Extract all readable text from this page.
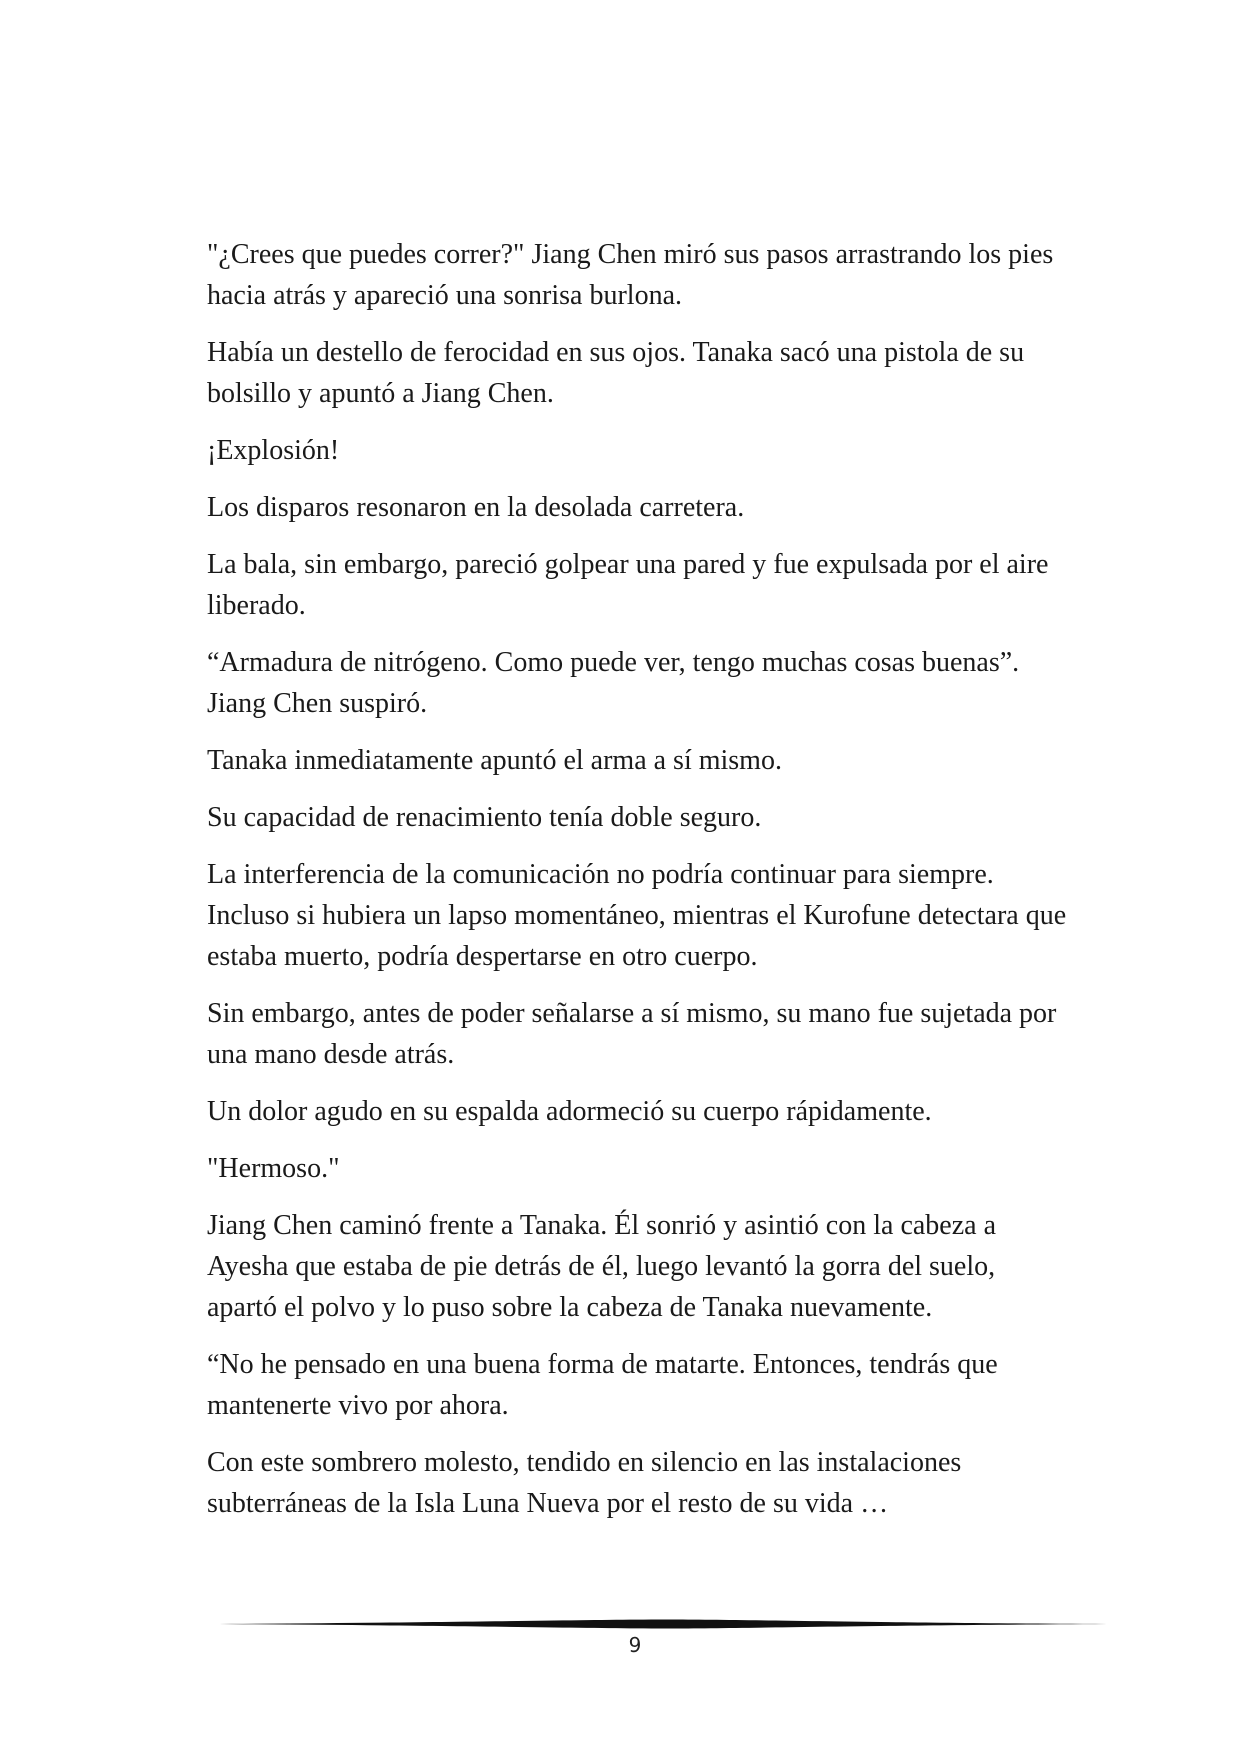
"¿Crees que puedes correr?" Jiang Chen miró sus pasos arrastrando los pies hacia atrás y apareció una sonrisa burlona.

Había un destello de ferocidad en sus ojos. Tanaka sacó una pistola de su bolsillo y apuntó a Jiang Chen.

¡Explosión!

Los disparos resonaron en la desolada carretera.

La bala, sin embargo, pareció golpear una pared y fue expulsada por el aire liberado.

“Armadura de nitrógeno. Como puede ver, tengo muchas cosas buenas”. Jiang Chen suspiró.

Tanaka inmediatamente apuntó el arma a sí mismo.

Su capacidad de renacimiento tenía doble seguro.

La interferencia de la comunicación no podría continuar para siempre. Incluso si hubiera un lapso momentáneo, mientras el Kurofune detectara que estaba muerto, podría despertarse en otro cuerpo.

Sin embargo, antes de poder señalarse a sí mismo, su mano fue sujetada por una mano desde atrás.

Un dolor agudo en su espalda adormeció su cuerpo rápidamente.

"Hermoso."

Jiang Chen caminó frente a Tanaka. Él sonrió y asintió con la cabeza a Ayesha que estaba de pie detrás de él, luego levantó la gorra del suelo, apartó el polvo y lo puso sobre la cabeza de Tanaka nuevamente.

“No he pensado en una buena forma de matarte. Entonces, tendrás que mantenerte vivo por ahora.

Con este sombrero molesto, tendido en silencio en las instalaciones subterráneas de la Isla Luna Nueva por el resto de su vida …

9
